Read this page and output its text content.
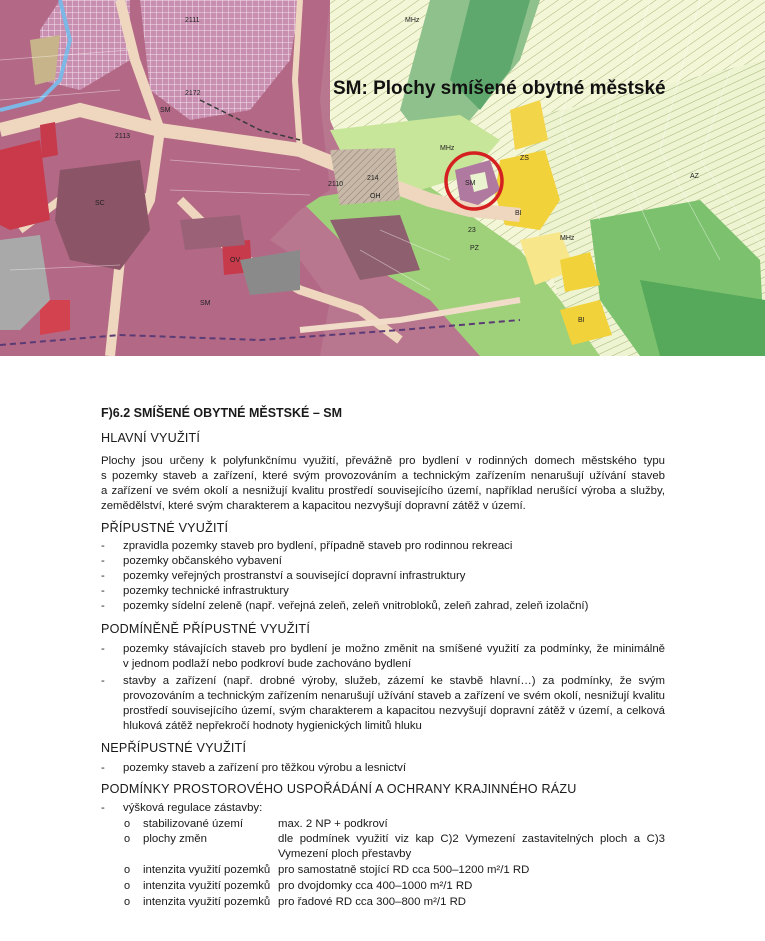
2111
2172
2113
2110
214
23
SM
SM
SM
SC
OV
AZ
MHz
MHz
MHz
ZS
PZ
BI
BI
OH
SM: Plochy smíšené obytné městské
F)6.2 SMÍŠENÉ OBYTNÉ MĚSTSKÉ – SM
HLAVNÍ VYUŽITÍ
Plochy jsou určeny k polyfunkčnímu využití, převážně pro bydlení v rodinných domech městského typu
s pozemky staveb a zařízení, které svým provozováním a technickým zařízením nenarušují užívání staveb
a zařízení ve svém okolí a nesnižují kvalitu prostředí souvisejícího území, například nerušící výroba a služby,
zemědělství, které svým charakterem a kapacitou nezvyšují dopravní zátěž v území.
PŘÍPUSTNÉ VYUŽITÍ
- zpravidla pozemky staveb pro bydlení, případně staveb pro rodinnou rekreaci
- pozemky občanského vybavení
- pozemky veřejných prostranství a související dopravní infrastruktury
- pozemky technické infrastruktury
- pozemky sídelní zeleně (např. veřejná zeleň, zeleň vnitrobloků, zeleň zahrad, zeleň izolační)
PODMÍNĚNĚ PŘÍPUSTNÉ VYUŽITÍ
- pozemky stávajících staveb pro bydlení je možno změnit na smíšené využití za podmínky, že minimálně
v jednom podlaží nebo podkroví bude zachováno bydlení
- stavby a zařízení (např. drobné výroby, služeb, zázemí ke stavbě hlavní…) za podmínky, že svým
provozováním a technickým zařízením nenarušují užívání staveb a zařízení ve svém okolí, nesnižují kvalitu
prostředí souvisejícího území, svým charakterem a kapacitou nezvyšují dopravní zátěž v území, a celková
hluková zátěž nepřekročí hodnoty hygienických limitů hluku
NEPŘÍPUSTNÉ VYUŽITÍ
- pozemky staveb a zařízení pro těžkou výrobu a lesnictví
PODMÍNKY PROSTOROVÉHO USPOŘÁDÁNÍ A OCHRANY KRAJINNÉHO RÁZU
- výšková regulace zástavby:
o stabilizované území	max. 2 NP + podkroví
o plochy změn	dle podmínek využití viz kap C)2 Vymezení zastavitelných ploch a C)3
Vymezení ploch přestavby
o intenzita využití pozemků pro samostatně stojící RD cca 500–1200 m²/1 RD
o intenzita využití pozemků pro dvojdomky cca 400–1000 m²/1 RD
o intenzita využití pozemků pro řadové RD cca 300–800 m²/1 RD
